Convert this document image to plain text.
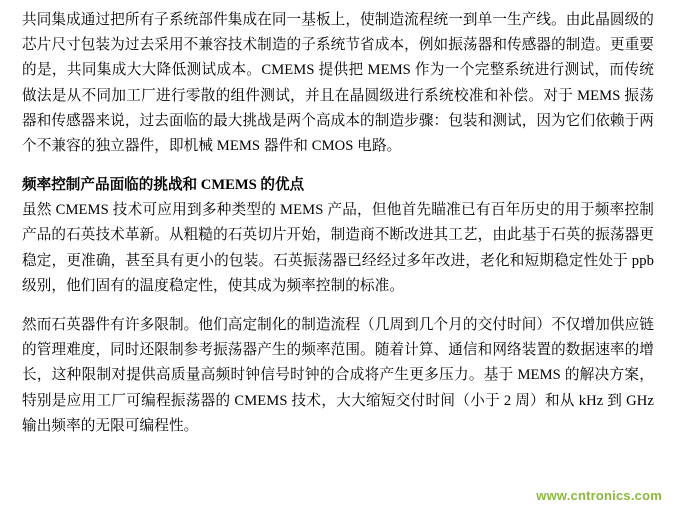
共同集成通过把所有子系统部件集成在同一基板上，使制造流程统一到单一生产线。由此晶圆级的芯片尺寸包装为过去采用不兼容技术制造的子系统节省成本，例如振荡器和传感器的制造。更重要的是，共同集成大大降低测试成本。CMEMS 提供把 MEMS 作为一个完整系统进行测试，而传统做法是从不同加工厂进行零散的组件测试，并且在晶圆级进行系统校准和补偿。对于 MEMS 振荡器和传感器来说，过去面临的最大挑战是两个高成本的制造步骤：包装和测试，因为它们依赖于两个不兼容的独立器件，即机械 MEMS 器件和 CMOS 电路。

频率控制产品面临的挑战和 CMEMS 的优点

虽然 CMEMS 技术可应用到多种类型的 MEMS 产品，但他首先瞄准已有百年历史的用于频率控制产品的石英技术革新。从粗糙的石英切片开始，制造商不断改进其工艺，由此基于石英的振荡器更稳定，更准确，甚至具有更小的包装。石英振荡器已经经过多年改进，老化和短期稳定性处于 ppb 级别，他们固有的温度稳定性，使其成为频率控制的标准。

然而石英器件有许多限制。他们高定制化的制造流程（几周到几个月的交付时间）不仅增加供应链的管理难度，同时还限制参考振荡器产生的频率范围。随着计算、通信和网络装置的数据速率的增长，这种限制对提供高质量高频时钟信号时钟的合成将产生更多压力。基于 MEMS 的解决方案，特别是应用工厂可编程振荡器的 CMEMS 技术，大大缩短交付时间（小于 2 周）和从 kHz 到 GHz 输出频率的无限可编程性。

www.cntronics.com
